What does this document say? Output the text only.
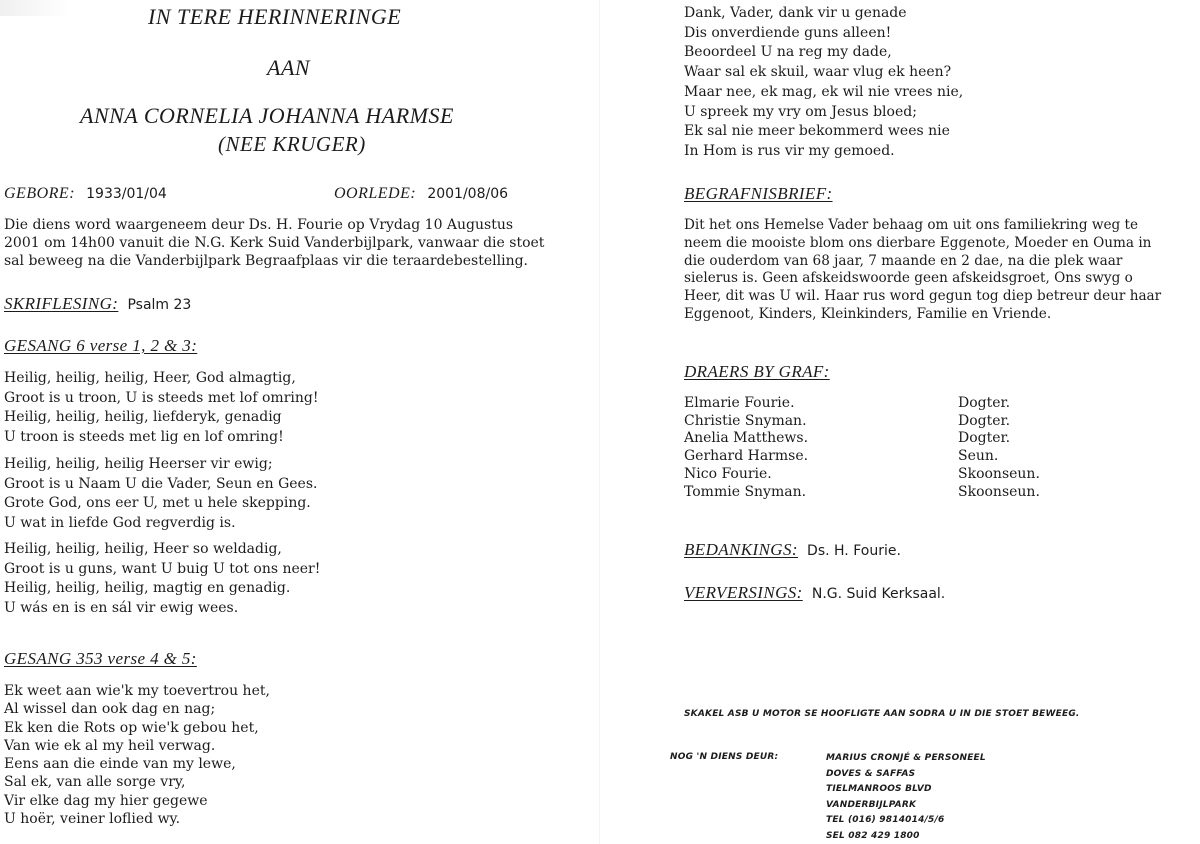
IN TERE HERINNERINGE
AAN
ANNA CORNELIA JOHANNA HARMSE
(NEE KRUGER)
GEBORE: 1933/01/04	OORLEDE: 2001/08/06
Die diens word waargeneem deur Ds. H. Fourie op Vrydag 10 Augustus
2001 om 14h00 vanuit die N.G. Kerk Suid Vanderbijlpark, vanwaar die stoet
sal beweeg na die Vanderbijlpark Begraafplaas vir die teraardebestelling.
SKRIFLESING: Psalm 23
GESANG 6 verse 1, 2 & 3:
Heilig, heilig, heilig, Heer, God almagtig,
Groot is u troon, U is steeds met lof omring!
Heilig, heilig, heilig, liefderyk, genadig
U troon is steeds met lig en lof omring!
Heilig, heilig, heilig Heerser vir ewig;
Groot is u Naam U die Vader, Seun en Gees.
Grote God, ons eer U, met u hele skepping.
U wat in liefde God regverdig is.
Heilig, heilig, heilig, Heer so weldadig,
Groot is u guns, want U buig U tot ons neer!
Heilig, heilig, heilig, magtig en genadig.
U wás en is en sál vir ewig wees.
GESANG 353 verse 4 & 5:
Ek weet aan wie'k my toevertrou het,
Al wissel dan ook dag en nag;
Ek ken die Rots op wie'k gebou het,
Van wie ek al my heil verwag.
Eens aan die einde van my lewe,
Sal ek, van alle sorge vry,
Vir elke dag my hier gegewe
U hoër, veiner loflied wy.
Dank, Vader, dank vir u genade
Dis onverdiende guns alleen!
Beoordeel U na reg my dade,
Waar sal ek skuil, waar vlug ek heen?
Maar nee, ek mag, ek wil nie vrees nie,
U spreek my vry om Jesus bloed;
Ek sal nie meer bekommerd wees nie
In Hom is rus vir my gemoed.
BEGRAFNISBRIEF:
Dit het ons Hemelse Vader behaag om uit ons familiekring weg te
neem die mooiste blom ons dierbare Eggenote, Moeder en Ouma in
die ouderdom van 68 jaar, 7 maande en 2 dae, na die plek waar
sielerus is. Geen afskeidswoorde geen afskeidsgroet, Ons swyg o
Heer, dit was U wil. Haar rus word gegun tog diep betreur deur haar
Eggenoot, Kinders, Kleinkinders, Familie en Vriende.
DRAERS BY GRAF:
Elmarie Fourie.
Christie Snyman.
Anelia Matthews.
Gerhard Harmse.
Nico Fourie.
Tommie Snyman.
Dogter.
Dogter.
Dogter.
Seun.
Skoonseun.
Skoonseun.
BEDANKINGS: Ds. H. Fourie.
VERVERSINGS: N.G. Suid Kerksaal.
SKAKEL ASB U MOTOR SE HOOFLIGTE AAN SODRA U IN DIE STOET BEWEEG.
NOG 'N DIENS DEUR:	MARIUS CRONJÉ & PERSONEEL
DOVES & SAFFAS
TIELMANROOS BLVD
VANDERBIJLPARK
TEL (016) 9814014/5/6
SEL 082 429 1800
